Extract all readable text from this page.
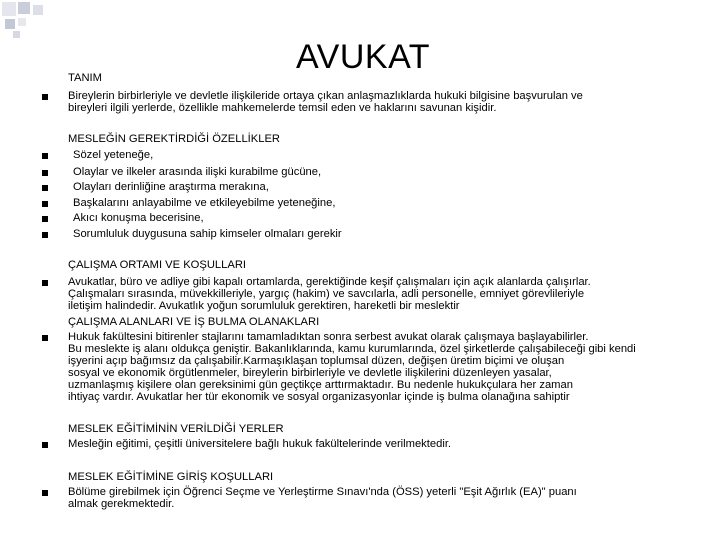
AVUKAT
TANIM
Bireylerin birbirleriyle ve devletle ilişkileride ortaya çıkan anlaşmazlıklarda hukuki bilgisine başvurulan ve
bireyleri ilgili yerlerde, özellikle mahkemelerde temsil eden ve haklarını savunan kişidir.
MESLEĞİN GEREKTİRDİĞİ ÖZELLİKLER
Sözel yeteneğe,
Olaylar ve ilkeler arasında ilişki kurabilme gücüne,
Olayları derinliğine araştırma merakına,
Başkalarını anlayabilme ve etkileyebilme yeteneğine,
Akıcı konuşma becerisine,
Sorumluluk duygusuna sahip kimseler olmaları gerekir
ÇALIŞMA ORTAMI VE KOŞULLARI
Avukatlar, büro ve adliye gibi kapalı ortamlarda, gerektiğinde keşif çalışmaları için açık alanlarda çalışırlar.
Çalışmaları sırasında, müvekkilleriyle, yargıç (hakim) ve savcılarla, adli personelle, emniyet görevlileriyle
iletişim halindedir. Avukatlık yoğun sorumluluk gerektiren, hareketli bir meslektir
ÇALIŞMA ALANLARI VE İŞ BULMA OLANAKLARI
Hukuk fakültesini bitirenler stajlarını tamamladıktan sonra serbest avukat olarak çalışmaya başlayabilirler.
Bu meslekte iş alanı oldukça geniştir. Bakanlıklarında, kamu kurumlarında, özel şirketlerde çalışabileceği gibi kendi
işyerini açıp bağımsız da çalışabilir.Karmaşıklaşan toplumsal düzen, değişen üretim biçimi ve oluşan
sosyal ve ekonomik örgütlenmeler, bireylerin birbirleriyle ve devletle ilişkilerini düzenleyen yasalar,
uzmanlaşmış kişilere olan gereksinimi gün geçtikçe arttırmaktadır. Bu nedenle hukukçulara her zaman
ihtiyaç vardır. Avukatlar her tür ekonomik ve sosyal organizasyonlar içinde iş bulma olanağına sahiptir
MESLEK EĞİTİMİNİN VERİLDİĞİ YERLER
Mesleğin eğitimi, çeşitli üniversitelere bağlı hukuk fakültelerinde verilmektedir.
MESLEK EĞİTİMİNE GİRİŞ KOŞULLARI
Bölüme girebilmek için Öğrenci Seçme ve Yerleştirme Sınavı'nda (ÖSS) yeterli "Eşit Ağırlık (EA)" puanı
almak gerekmektedir.
